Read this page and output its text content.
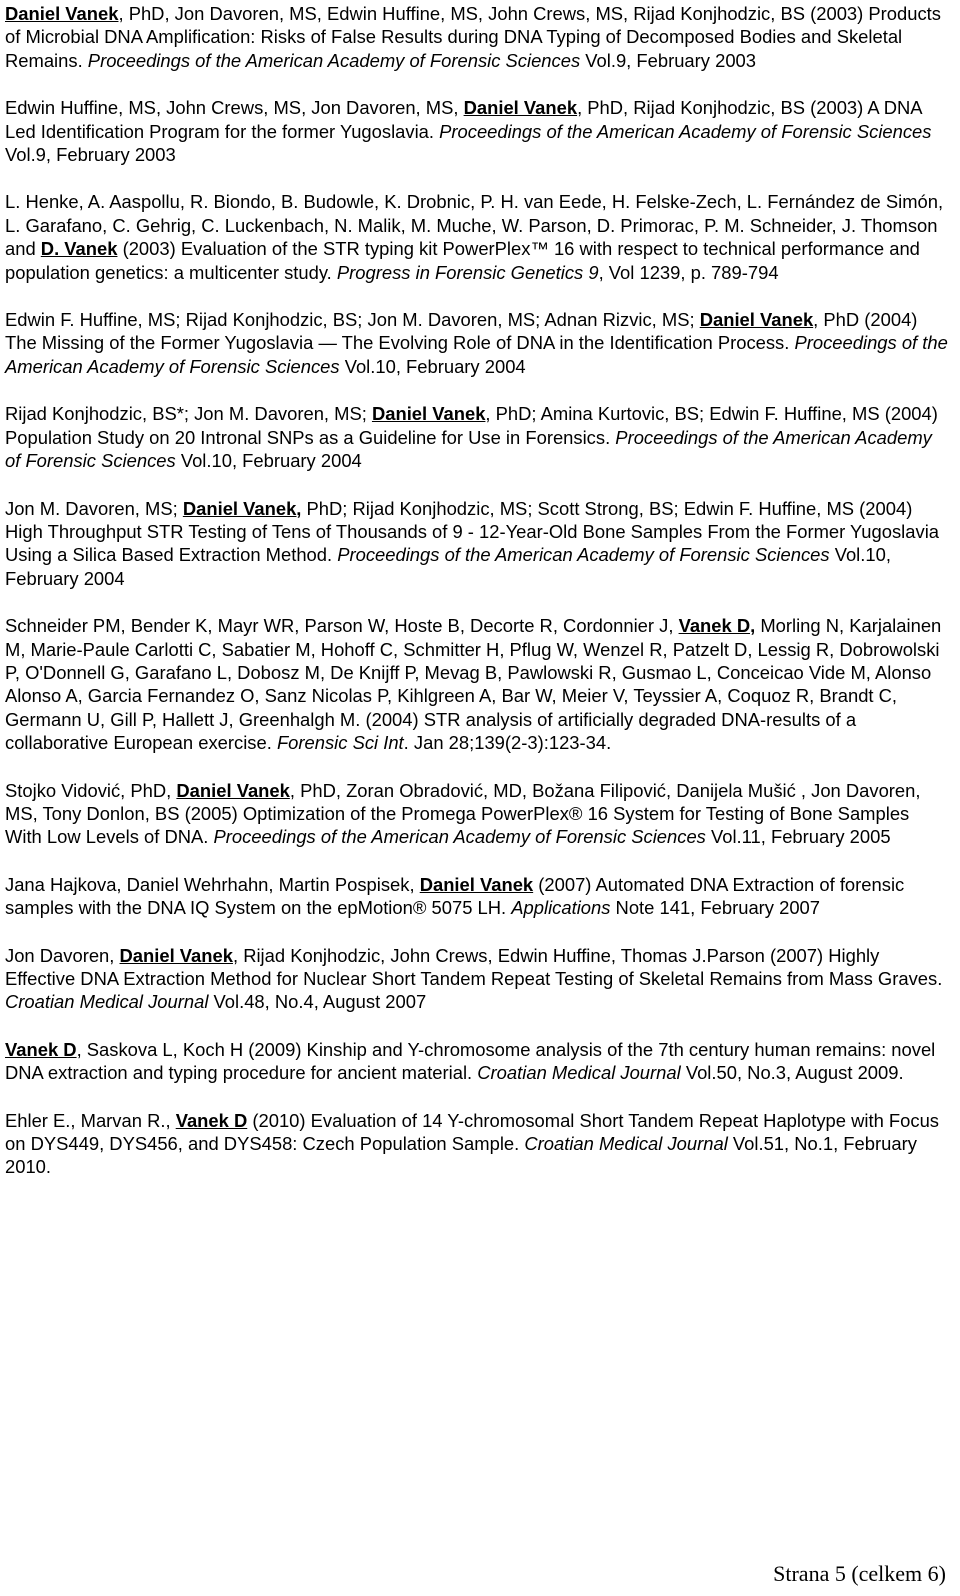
Daniel Vanek, PhD, Jon Davoren, MS, Edwin Huffine, MS, John Crews, MS, Rijad Konjhodzic, BS (2003) Products of Microbial DNA Amplification: Risks of False Results during DNA Typing of Decomposed Bodies and Skeletal Remains. Proceedings of the American Academy of Forensic Sciences Vol.9, February 2003

Edwin Huffine, MS, John Crews, MS, Jon Davoren, MS, Daniel Vanek, PhD, Rijad Konjhodzic, BS (2003) A DNA Led Identification Program for the former Yugoslavia. Proceedings of the American Academy of Forensic Sciences Vol.9, February 2003

L. Henke, A. Aaspollu, R. Biondo, B. Budowle, K. Drobnic, P. H. van Eede, H. Felske-Zech, L. Fernández de Simón, L. Garafano, C. Gehrig, C. Luckenbach, N. Malik, M. Muche, W. Parson, D. Primorac, P. M. Schneider, J. Thomson and D. Vanek (2003) Evaluation of the STR typing kit PowerPlex™ 16 with respect to technical performance and population genetics: a multicenter study. Progress in Forensic Genetics 9, Vol 1239, p. 789-794

Edwin F. Huffine, MS; Rijad Konjhodzic, BS; Jon M. Davoren, MS; Adnan Rizvic, MS; Daniel Vanek, PhD (2004) The Missing of the Former Yugoslavia — The Evolving Role of DNA in the Identification Process. Proceedings of the American Academy of Forensic Sciences Vol.10, February 2004

Rijad Konjhodzic, BS*; Jon M. Davoren, MS; Daniel Vanek, PhD; Amina Kurtovic, BS; Edwin F. Huffine, MS (2004) Population Study on 20 Intronal SNPs as a Guideline for Use in Forensics. Proceedings of the American Academy of Forensic Sciences Vol.10, February 2004

Jon M. Davoren, MS; Daniel Vanek, PhD; Rijad Konjhodzic, MS; Scott Strong, BS; Edwin F. Huffine, MS (2004) High Throughput STR Testing of Tens of Thousands of 9 - 12-Year-Old Bone Samples From the Former Yugoslavia Using a Silica Based Extraction Method. Proceedings of the American Academy of Forensic Sciences Vol.10, February 2004

Schneider PM, Bender K, Mayr WR, Parson W, Hoste B, Decorte R, Cordonnier J, Vanek D, Morling N, Karjalainen M, Marie-Paule Carlotti C, Sabatier M, Hohoff C, Schmitter H, Pflug W, Wenzel R, Patzelt D, Lessig R, Dobrowolski P, O'Donnell G, Garafano L, Dobosz M, De Knijff P, Mevag B, Pawlowski R, Gusmao L, Conceicao Vide M, Alonso Alonso A, Garcia Fernandez O, Sanz Nicolas P, Kihlgreen A, Bar W, Meier V, Teyssier A, Coquoz R, Brandt C, Germann U, Gill P, Hallett J, Greenhalgh M. (2004) STR analysis of artificially degraded DNA-results of a collaborative European exercise. Forensic Sci Int. Jan 28;139(2-3):123-34.

Stojko Vidović, PhD, Daniel Vanek, PhD, Zoran Obradović, MD, Božana Filipović, Danijela Mušić , Jon Davoren, MS, Tony Donlon, BS (2005) Optimization of the Promega PowerPlex® 16 System for Testing of Bone Samples With Low Levels of DNA. Proceedings of the American Academy of Forensic Sciences Vol.11, February 2005

Jana Hajkova, Daniel Wehrhahn, Martin Pospisek, Daniel Vanek (2007) Automated DNA Extraction of forensic samples with the DNA IQ System on the epMotion® 5075 LH. Applications Note 141, February 2007

Jon Davoren, Daniel Vanek, Rijad Konjhodzic, John Crews, Edwin Huffine, Thomas J.Parson (2007) Highly Effective DNA Extraction Method for Nuclear Short Tandem Repeat Testing of Skeletal Remains from Mass Graves. Croatian Medical Journal Vol.48, No.4, August 2007

Vanek D, Saskova L, Koch H (2009) Kinship and Y-chromosome analysis of the 7th century human remains: novel DNA extraction and typing procedure for ancient material. Croatian Medical Journal Vol.50, No.3, August 2009.

Ehler E., Marvan R., Vanek D (2010) Evaluation of 14 Y-chromosomal Short Tandem Repeat Haplotype with Focus on DYS449, DYS456, and DYS458: Czech Population Sample. Croatian Medical Journal Vol.51, No.1, February 2010.

Strana 5 (celkem 6)
